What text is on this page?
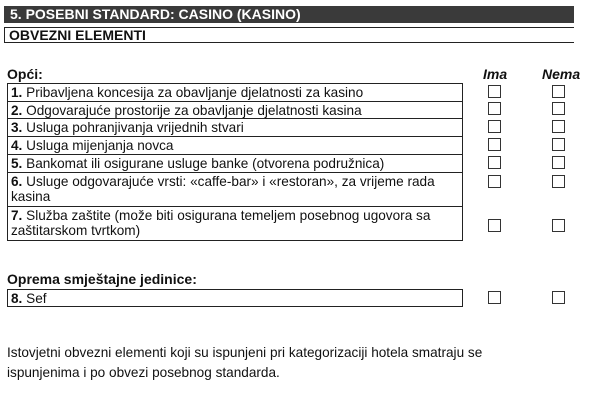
5. POSEBNI STANDARD: CASINO (KASINO)
OBVEZNI ELEMENTI
Opći:	Ima Nema
1. Pribavljena koncesija za obavljanje djelatnosti za kasino
2. Odgovarajuće prostorije za obavljanje djelatnosti kasina
3. Usluga pohranjivanja vrijednih stvari
4. Usluga mijenjanja novca
5. Bankomat ili osigurane usluge banke (otvorena podružnica)
6. Usluge odgovarajuće vrsti: «caffe-bar» i «restoran», za vrijeme rada kasina
7. Služba zaštite (može biti osigurana temeljem posebnog ugovora sa zaštitarskom tvrtkom)
Oprema smještajne jedinice:
8. Sef
Istovjetni obvezni elementi koji su ispunjeni pri kategorizaciji hotela smatraju se
ispunjenima i po obvezi posebnog standarda.
